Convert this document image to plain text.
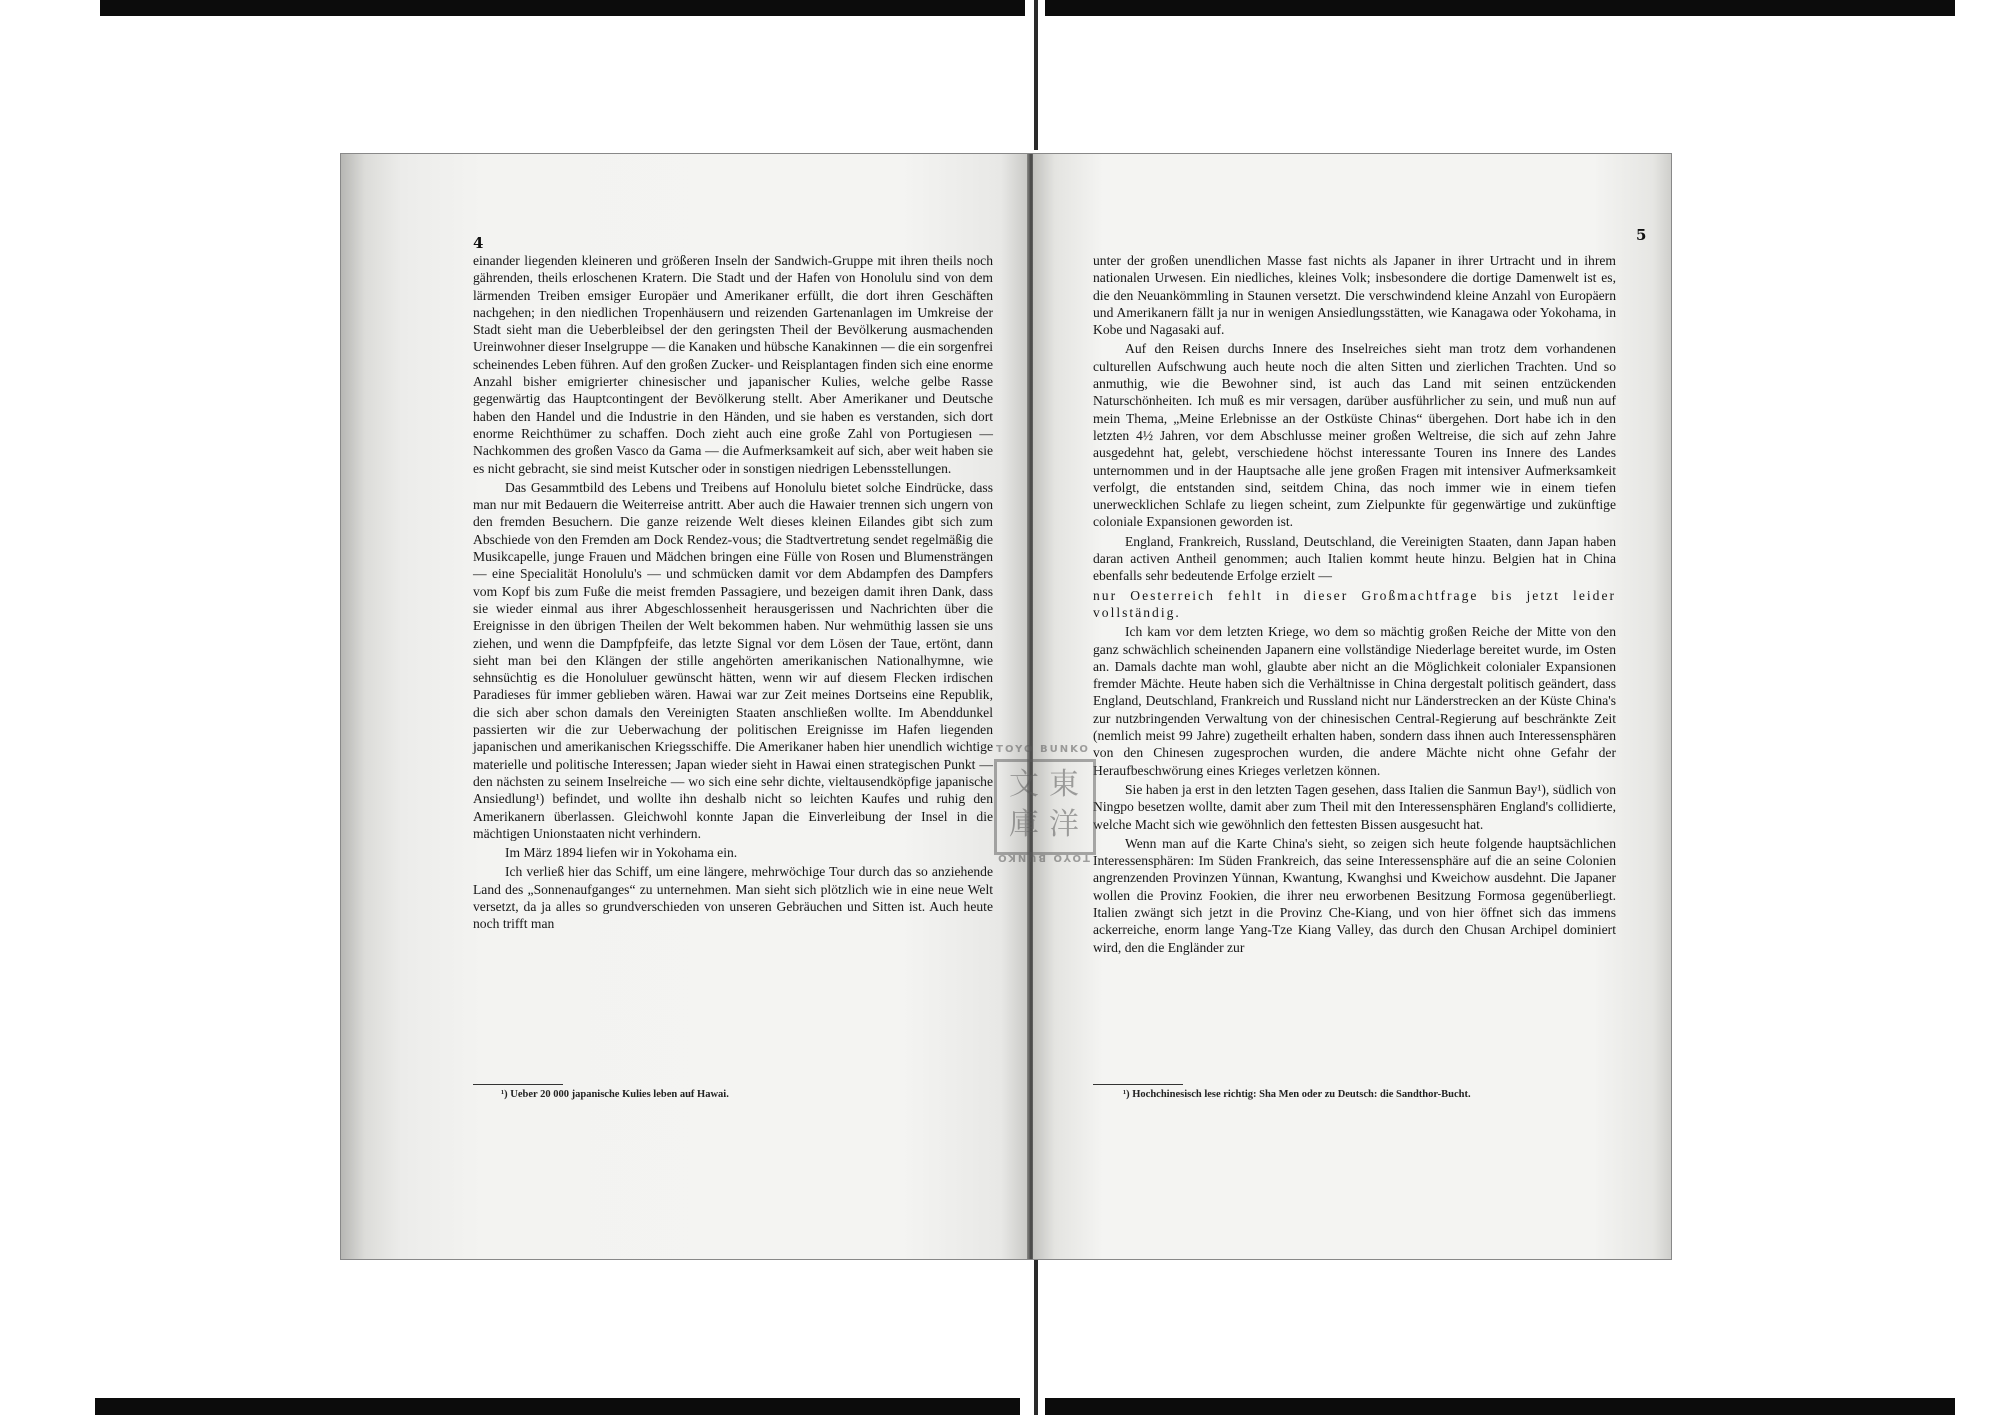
4

einander liegenden kleineren und größeren Inseln der Sandwich-Gruppe mit ihren theils noch gährenden, theils erloschenen Kratern. Die Stadt und der Hafen von Honolulu sind von dem lärmenden Treiben emsiger Europäer und Amerikaner erfüllt, die dort ihren Geschäften nachgehen; in den niedlichen Tropenhäusern und reizenden Gartenanlagen im Umkreise der Stadt sieht man die Ueberbleibsel der den geringsten Theil der Bevölkerung ausmachenden Ureinwohner dieser Inselgruppe — die Kanaken und hübsche Kanakinnen — die ein sorgenfrei scheinendes Leben führen. Auf den großen Zucker- und Reisplantagen finden sich eine enorme Anzahl bisher emigrierter chinesischer und japanischer Kulies, welche gelbe Rasse gegenwärtig das Hauptcontingent der Bevölkerung stellt. Aber Amerikaner und Deutsche haben den Handel und die Industrie in den Händen, und sie haben es verstanden, sich dort enorme Reichthümer zu schaffen. Doch zieht auch eine große Zahl von Portugiesen — Nachkommen des großen Vasco da Gama — die Aufmerksamkeit auf sich, aber weit haben sie es nicht gebracht, sie sind meist Kutscher oder in sonstigen niedrigen Lebensstellungen.

Das Gesammtbild des Lebens und Treibens auf Honolulu bietet solche Eindrücke, dass man nur mit Bedauern die Weiterreise antritt. Aber auch die Hawaier trennen sich ungern von den fremden Besuchern. Die ganze reizende Welt dieses kleinen Eilandes gibt sich zum Abschiede von den Fremden am Dock Rendez-vous; die Stadtvertretung sendet regelmäßig die Musikcapelle, junge Frauen und Mädchen bringen eine Fülle von Rosen und Blumensträngen — eine Specialität Honolulu's — und schmücken damit vor dem Abdampfen des Dampfers vom Kopf bis zum Fuße die meist fremden Passagiere, und bezeigen damit ihren Dank, dass sie wieder einmal aus ihrer Abgeschlossenheit herausgerissen und Nachrichten über die Ereignisse in den übrigen Theilen der Welt bekommen haben. Nur wehmüthig lassen sie uns ziehen, und wenn die Dampfpfeife, das letzte Signal vor dem Lösen der Taue, ertönt, dann sieht man bei den Klängen der stille angehörten amerikanischen Nationalhymne, wie sehnsüchtig es die Honoluluer gewünscht hätten, wenn wir auf diesem Flecken irdischen Paradieses für immer geblieben wären. Hawai war zur Zeit meines Dortseins eine Republik, die sich aber schon damals den Vereinigten Staaten anschließen wollte. Im Abenddunkel passierten wir die zur Ueberwachung der politischen Ereignisse im Hafen liegenden japanischen und amerikanischen Kriegsschiffe. Die Amerikaner haben hier unendlich wichtige materielle und politische Interessen; Japan wieder sieht in Hawai einen strategischen Punkt — den nächsten zu seinem Inselreiche — wo sich eine sehr dichte, vieltausendköpfige japanische Ansiedlung¹) befindet, und wollte ihn deshalb nicht so leichten Kaufes und ruhig den Amerikanern überlassen. Gleichwohl konnte Japan die Einverleibung der Insel in die mächtigen Unionstaaten nicht verhindern.

Im März 1894 liefen wir in Yokohama ein.

Ich verließ hier das Schiff, um eine längere, mehrwöchige Tour durch das so anziehende Land des „Sonnenaufganges“ zu unternehmen. Man sieht sich plötzlich wie in eine neue Welt versetzt, da ja alles so grundverschieden von unseren Gebräuchen und Sitten ist. Auch heute noch trifft man

¹) Ueber 20 000 japanische Kulies leben auf Hawai.
5

unter der großen unendlichen Masse fast nichts als Japaner in ihrer Urtracht und in ihrem nationalen Urwesen. Ein niedliches, kleines Volk; insbesondere die dortige Damenwelt ist es, die den Neuankömmling in Staunen versetzt. Die verschwindend kleine Anzahl von Europäern und Amerikanern fällt ja nur in wenigen Ansiedlungsstätten, wie Kanagawa oder Yokohama, in Kobe und Nagasaki auf.

Auf den Reisen durchs Innere des Inselreiches sieht man trotz dem vorhandenen culturellen Aufschwung auch heute noch die alten Sitten und zierlichen Trachten. Und so anmuthig, wie die Bewohner sind, ist auch das Land mit seinen entzückenden Naturschönheiten. Ich muß es mir versagen, darüber ausführlicher zu sein, und muß nun auf mein Thema, „Meine Erlebnisse an der Ostküste Chinas“ übergehen. Dort habe ich in den letzten 4½ Jahren, vor dem Abschlusse meiner großen Weltreise, die sich auf zehn Jahre ausgedehnt hat, gelebt, verschiedene höchst interessante Touren ins Innere des Landes unternommen und in der Hauptsache alle jene großen Fragen mit intensiver Aufmerksamkeit verfolgt, die entstanden sind, seitdem China, das noch immer wie in einem tiefen unerwecklichen Schlafe zu liegen scheint, zum Zielpunkte für gegenwärtige und zukünftige coloniale Expansionen geworden ist.

England, Frankreich, Russland, Deutschland, die Vereinigten Staaten, dann Japan haben daran activen Antheil genommen; auch Italien kommt heute hinzu. Belgien hat in China ebenfalls sehr bedeutende Erfolge erzielt —

nur Oesterreich fehlt in dieser Großmachtfrage bis jetzt leider vollständig.

Ich kam vor dem letzten Kriege, wo dem so mächtig großen Reiche der Mitte von den ganz schwächlich scheinenden Japanern eine vollständige Niederlage bereitet wurde, im Osten an. Damals dachte man wohl, glaubte aber nicht an die Möglichkeit colonialer Expansionen fremder Mächte. Heute haben sich die Verhältnisse in China dergestalt politisch geändert, dass England, Deutschland, Frankreich und Russland nicht nur Länderstrecken an der Küste China's zur nutzbringenden Verwaltung von der chinesischen Central-Regierung auf beschränkte Zeit (nemlich meist 99 Jahre) zugetheilt erhalten haben, sondern dass ihnen auch Interessensphären von den Chinesen zugesprochen wurden, die andere Mächte nicht ohne Gefahr der Heraufbeschwörung eines Krieges verletzen können.

Sie haben ja erst in den letzten Tagen gesehen, dass Italien die Sanmun Bay¹), südlich von Ningpo besetzen wollte, damit aber zum Theil mit den Interessensphären England's collidierte, welche Macht sich wie gewöhnlich den fettesten Bissen ausgesucht hat.

Wenn man auf die Karte China's sieht, so zeigen sich heute folgende hauptsächlichen Interessensphären: Im Süden Frankreich, das seine Interessensphäre auf die an seine Colonien angrenzenden Provinzen Yünnan, Kwantung, Kwanghsi und Kweichow ausdehnt. Die Japaner wollen die Provinz Fookien, die ihrer neu erworbenen Besitzung Formosa gegenüberliegt. Italien zwängt sich jetzt in die Provinz Che-Kiang, und von hier öffnet sich das immens ackerreiche, enorm lange Yang-Tze Kiang Valley, das durch den Chusan Archipel dominiert wird, den die Engländer zur

¹) Hochchinesisch lese richtig: Sha Men oder zu Deutsch: die Sandthor-Bucht.
TOYO BUNKO
東
洋
文
庫
TOYO BUNKO
